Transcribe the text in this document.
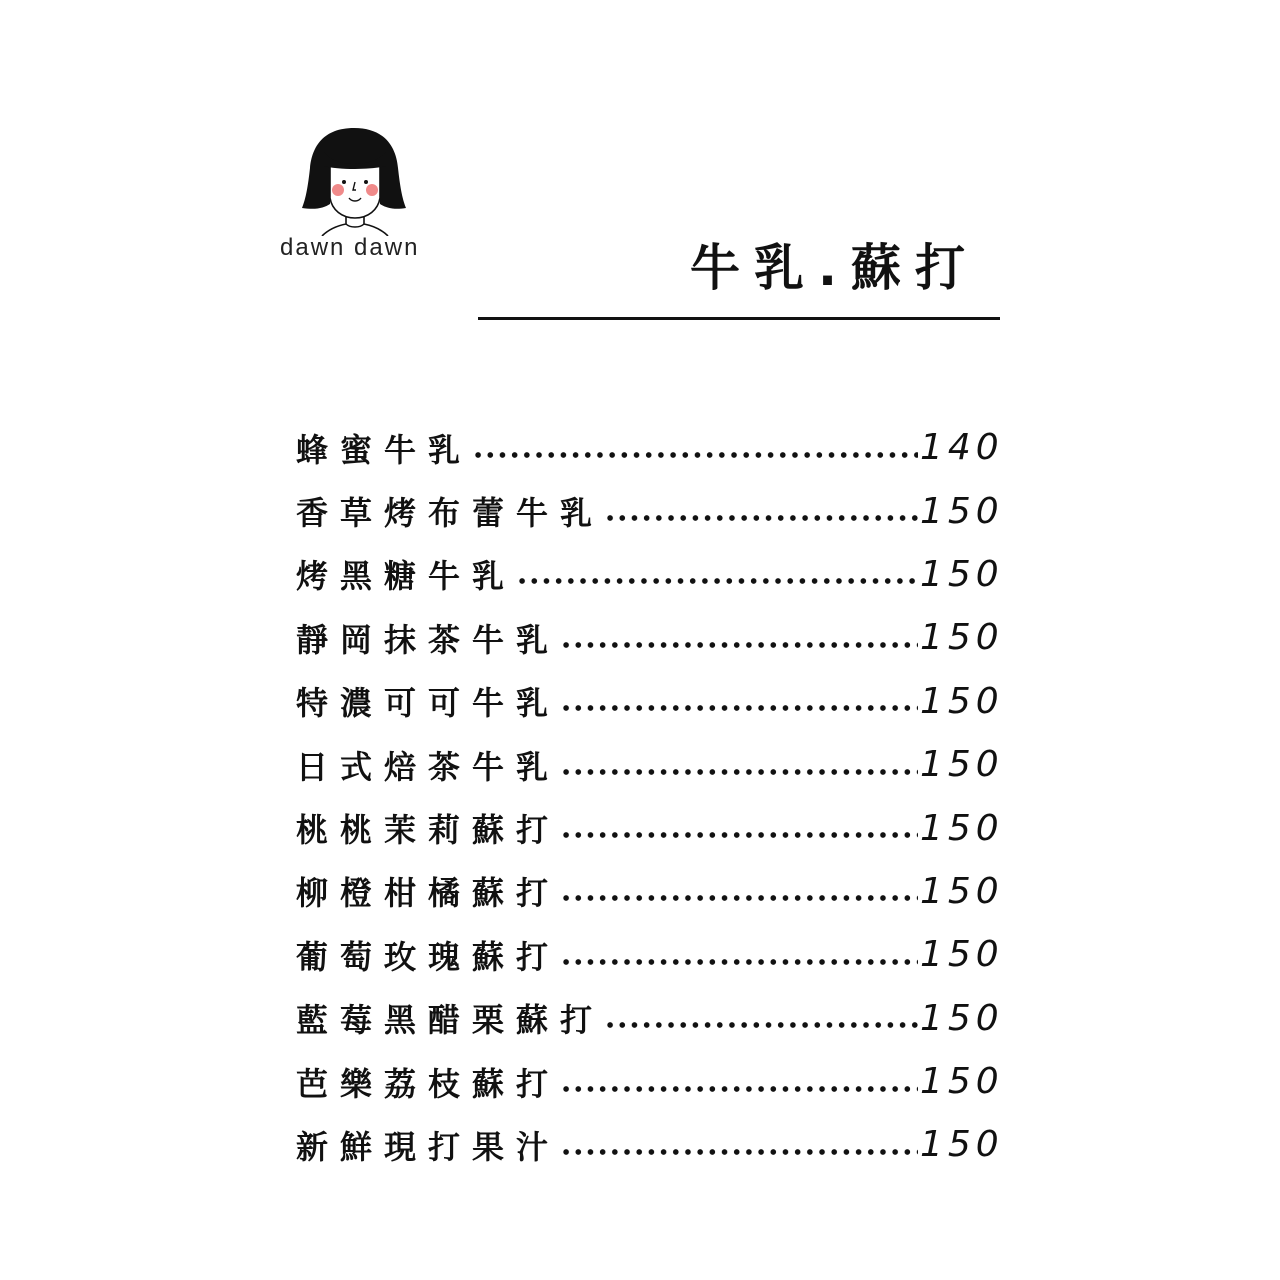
dawn dawn	牛乳.蘇打
蜂蜜牛乳	140
香草烤布蕾牛乳	150
烤黑糖牛乳	150
靜岡抹茶牛乳	150
特濃可可牛乳	150
日式焙茶牛乳	150
桃桃茉莉蘇打	150
柳橙柑橘蘇打	150
葡萄玫瑰蘇打	150
藍莓黑醋栗蘇打	150
芭樂荔枝蘇打	150
新鮮現打果汁	150
